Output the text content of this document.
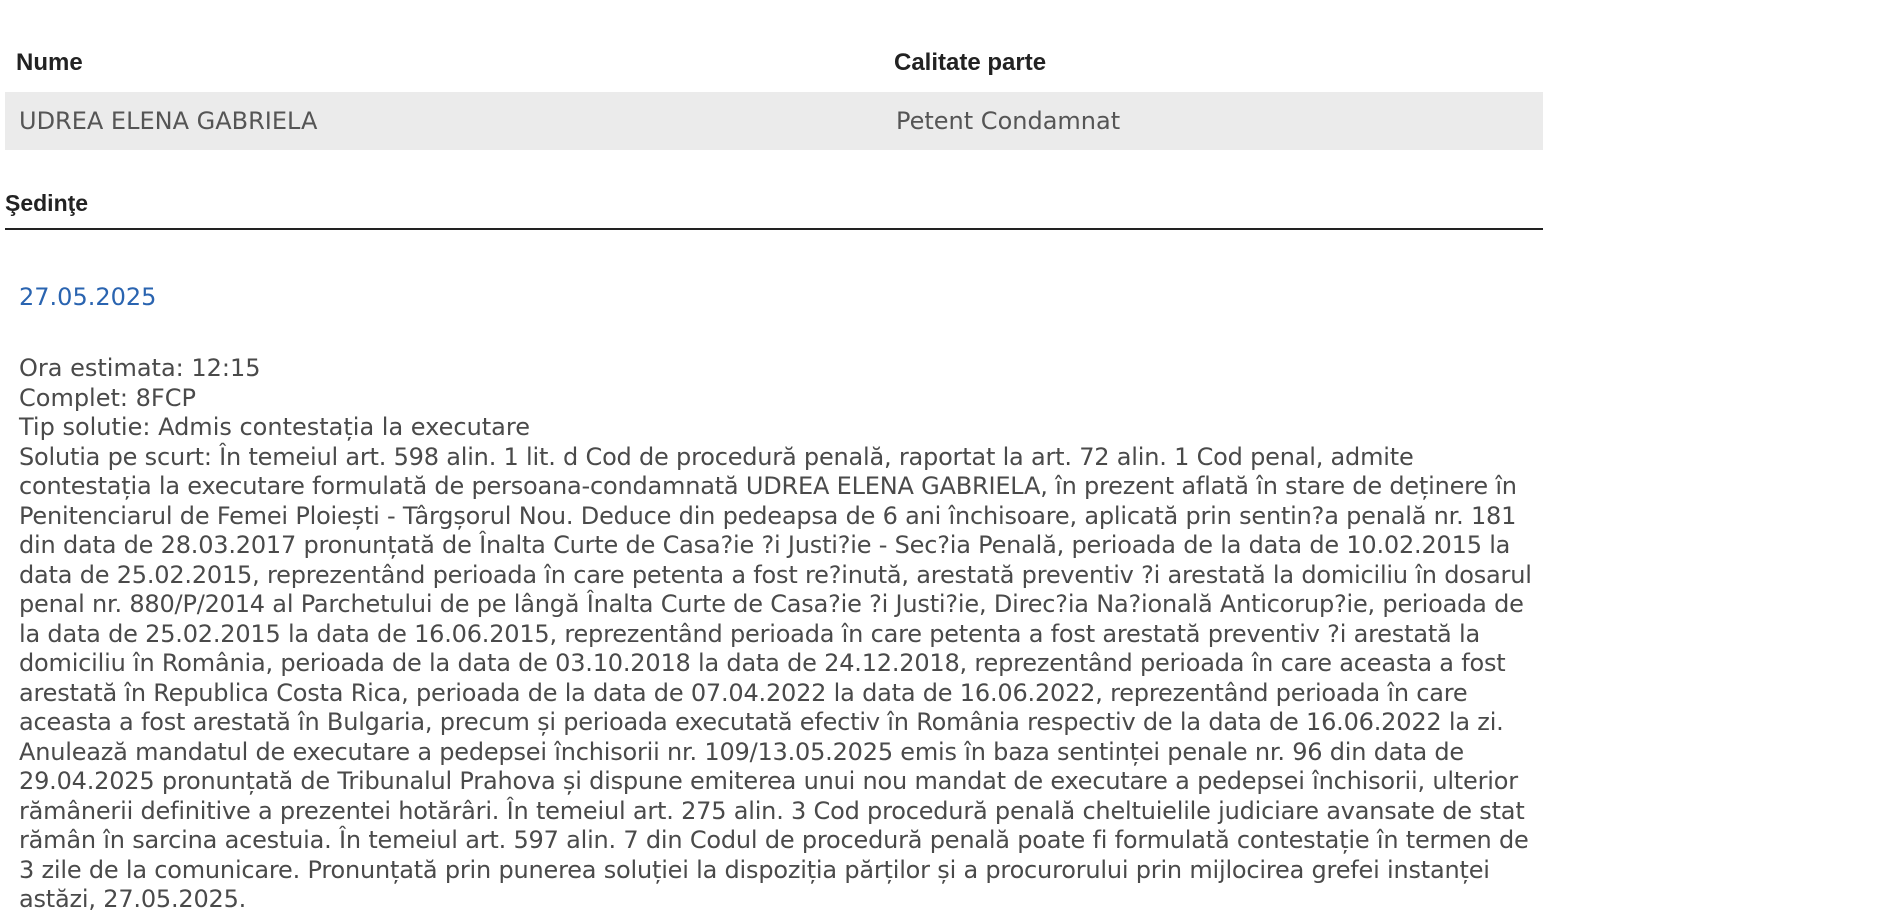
Nume	Calitate parte
UDREA ELENA GABRIELA	Petent Condamnat
Şedinţe
27.05.2025
Ora estimata: 12:15
Complet: 8FCP
Tip solutie: Admis contestația la executare
Solutia pe scurt: În temeiul art. 598 alin. 1 lit. d Cod de procedură penală, raportat la art. 72 alin. 1 Cod penal, admite contestația la executare formulată de persoana-condamnată UDREA ELENA GABRIELA, în prezent aflată în stare de deținere în Penitenciarul de Femei Ploiești - Târgșorul Nou. Deduce din pedeapsa de 6 ani închisoare, aplicată prin sentin?a penală nr. 181 din data de 28.03.2017 pronunțată de Înalta Curte de Casa?ie ?i Justi?ie - Sec?ia Penală, perioada de la data de 10.02.2015 la data de 25.02.2015, reprezentând perioada în care petenta a fost re?inută, arestată preventiv ?i arestată la domiciliu în dosarul penal nr. 880/P/2014 al Parchetului de pe lângă Înalta Curte de Casa?ie ?i Justi?ie, Direc?ia Na?ională Anticorup?ie, perioada de la data de 25.02.2015 la data de 16.06.2015, reprezentând perioada în care petenta a fost arestată preventiv ?i arestată la domiciliu în România, perioada de la data de 03.10.2018 la data de 24.12.2018, reprezentând perioada în care aceasta a fost arestată în Republica Costa Rica, perioada de la data de 07.04.2022 la data de 16.06.2022, reprezentând perioada în care aceasta a fost arestată în Bulgaria, precum și perioada executată efectiv în România respectiv de la data de 16.06.2022 la zi. Anulează mandatul de executare a pedepsei închisorii nr. 109/13.05.2025 emis în baza sentinței penale nr. 96 din data de 29.04.2025 pronunțată de Tribunalul Prahova și dispune emiterea unui nou mandat de executare a pedepsei închisorii, ulterior rămânerii definitive a prezentei hotărâri. În temeiul art. 275 alin. 3 Cod procedură penală cheltuielile judiciare avansate de stat rămân în sarcina acestuia. În temeiul art. 597 alin. 7 din Codul de procedură penală poate fi formulată contestație în termen de 3 zile de la comunicare. Pronunțată prin punerea soluției la dispoziția părților și a procurorului prin mijlocirea grefei instanței astăzi, 27.05.2025.
